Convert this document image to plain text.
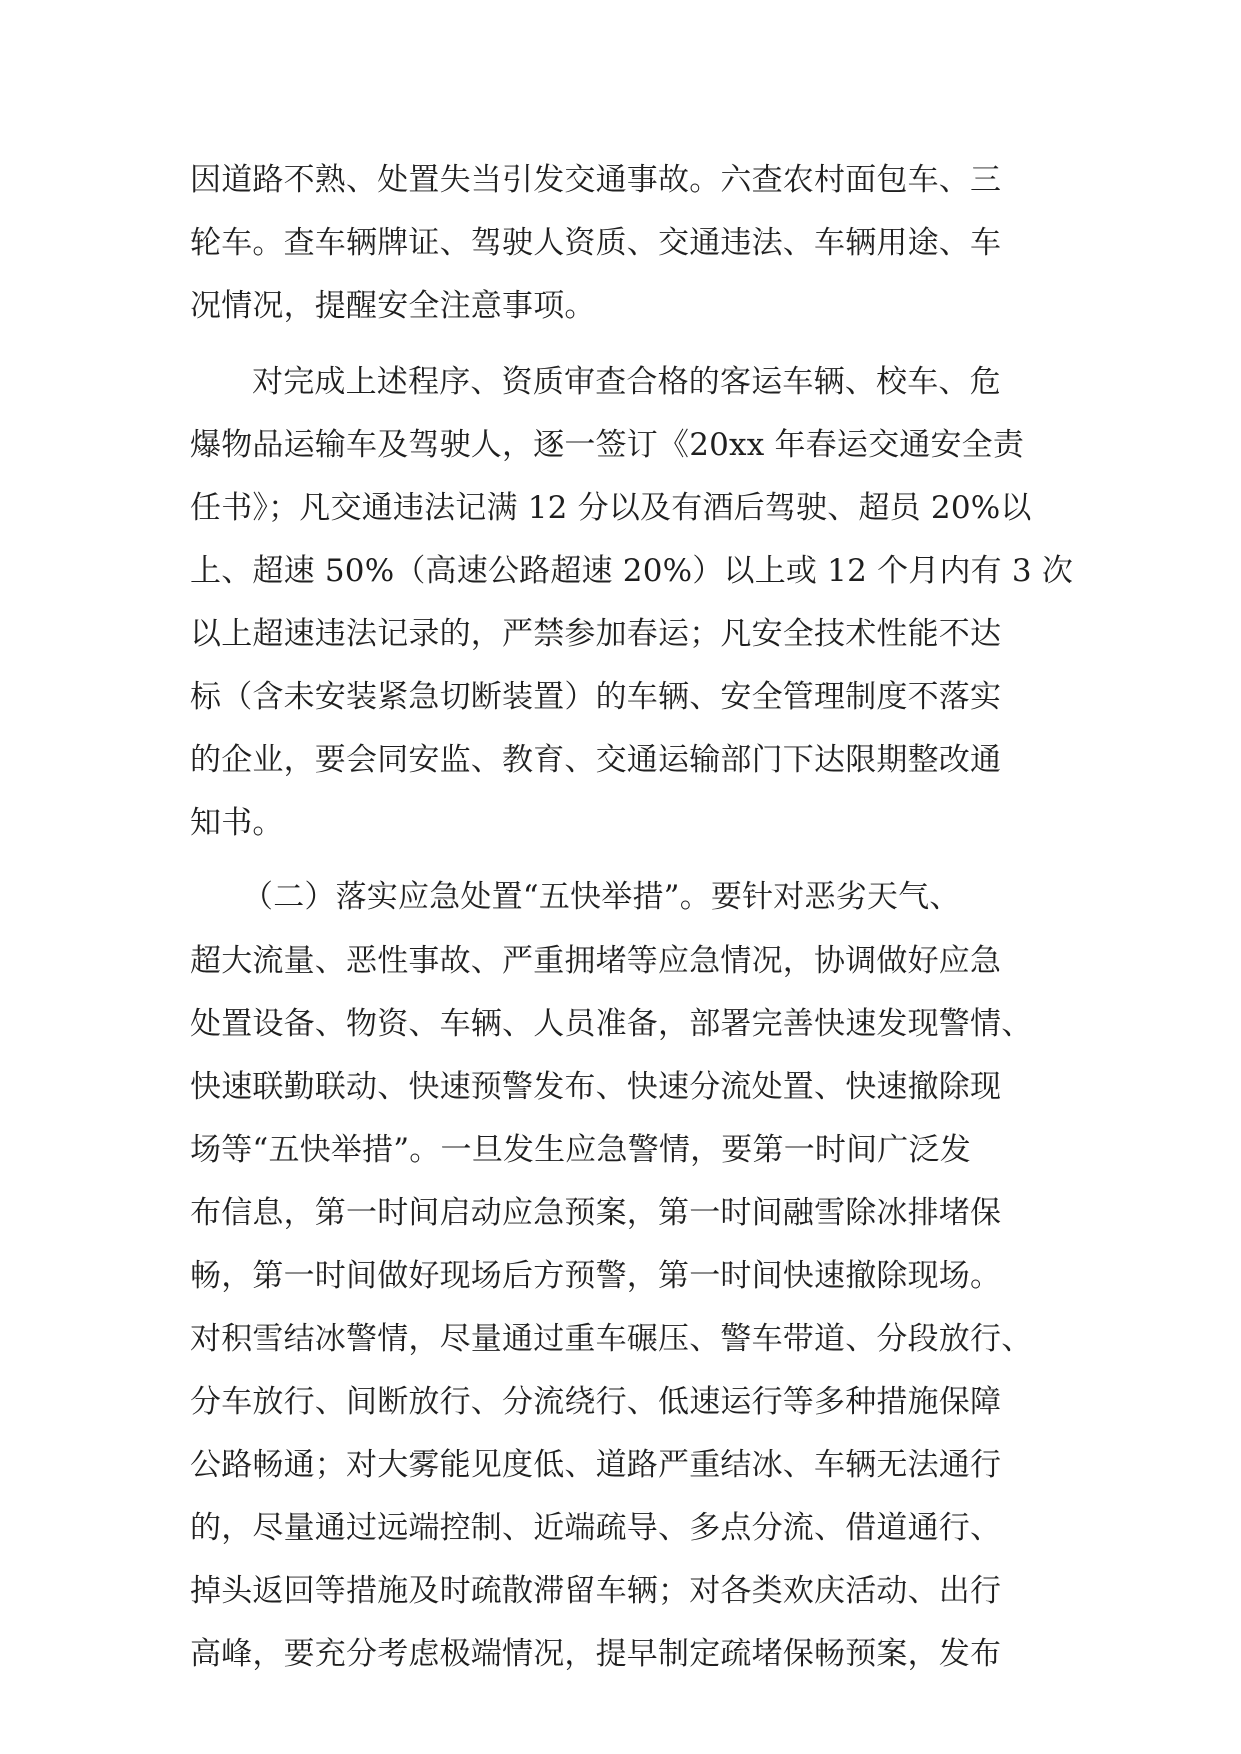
因道路不熟、处置失当引发交通事故。六查农村面包车、三
轮车。查车辆牌证、驾驶人资质、交通违法、车辆用途、车
况情况，提醒安全注意事项。
对完成上述程序、资质审查合格的客运车辆、校车、危
爆物品运输车及驾驶人，逐一签订《20xx 年春运交通安全责
任书》；凡交通违法记满 12 分以及有酒后驾驶、超员 20%以
上、超速 50%（高速公路超速 20%）以上或 12 个月内有 3 次
以上超速违法记录的，严禁参加春运；凡安全技术性能不达
标（含未安装紧急切断装置）的车辆、安全管理制度不落实
的企业，要会同安监、教育、交通运输部门下达限期整改通
知书。
（二）落实应急处置“五快举措”。要针对恶劣天气、
超大流量、恶性事故、严重拥堵等应急情况，协调做好应急
处置设备、物资、车辆、人员准备，部署完善快速发现警情、
快速联勤联动、快速预警发布、快速分流处置、快速撤除现
场等“五快举措”。一旦发生应急警情，要第一时间广泛发
布信息，第一时间启动应急预案，第一时间融雪除冰排堵保
畅，第一时间做好现场后方预警，第一时间快速撤除现场。
对积雪结冰警情，尽量通过重车碾压、警车带道、分段放行、
分车放行、间断放行、分流绕行、低速运行等多种措施保障
公路畅通；对大雾能见度低、道路严重结冰、车辆无法通行
的，尽量通过远端控制、近端疏导、多点分流、借道通行、
掉头返回等措施及时疏散滞留车辆；对各类欢庆活动、出行
高峰，要充分考虑极端情况，提早制定疏堵保畅预案，发布
